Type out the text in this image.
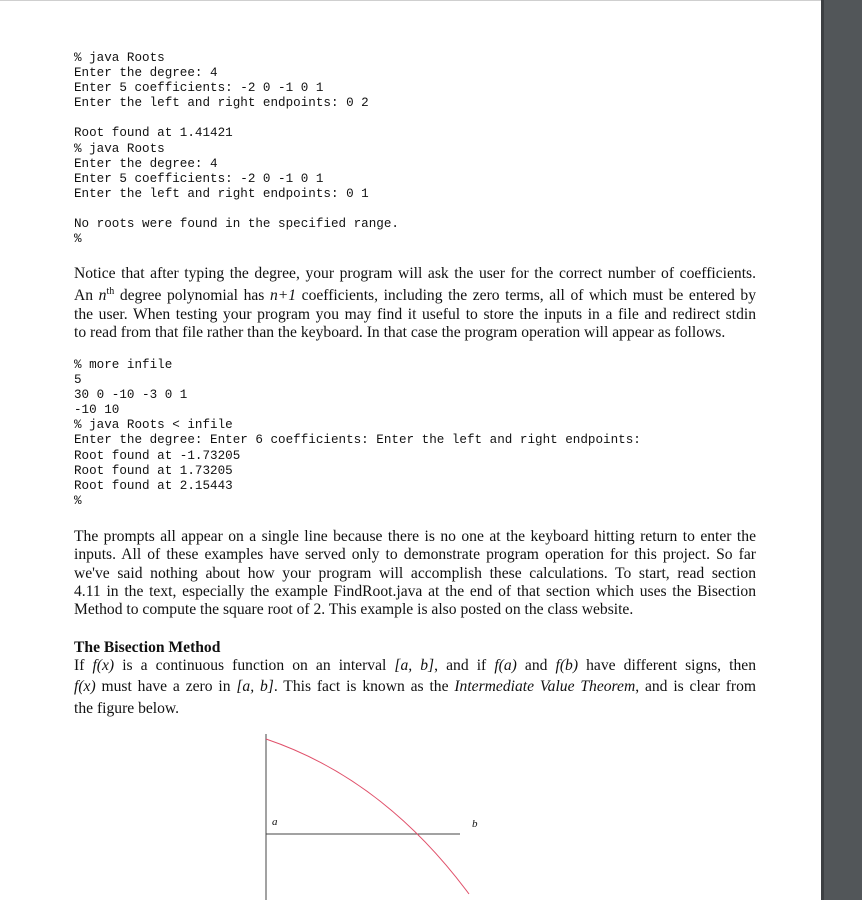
% java Roots
Enter the degree: 4
Enter 5 coefficients: -2 0 -1 0 1
Enter the left and right endpoints: 0 2
Root found at 1.41421
% java Roots
Enter the degree: 4
Enter 5 coefficients: -2 0 -1 0 1
Enter the left and right endpoints: 0 1
No roots were found in the specified range.
%
Notice that after typing the degree, your program will ask the user for the correct number of coefficients.
An $n^{th}$ degree polynomial has n+1 coefficients, including the zero terms, all of which must be entered by
the user. When testing your program you may find it useful to store the inputs in a file and redirect stdin
to read from that file rather than the keyboard. In that case the program operation will appear as follows.
% more infile
5
30 0 -10 -3 0 1
-10 10
% java Roots < infile
Enter the degree: Enter 6 coefficients: Enter the left and right endpoints:
Root found at -1.73205
Root found at 1.73205
Root found at 2.15443
%
The prompts all appear on a single line because there is no one at the keyboard hitting return to enter the
inputs. All of these examples have served only to demonstrate program operation for this project. So far
we've said nothing about how your program will accomplish these calculations. To start, read section
4.11 in the text, especially the example FindRoot.java at the end of that section which uses the Bisection
Method to compute the square root of 2. This example is also posted on the class website.
The Bisection Method
If f(x) is a continuous function on an interval [a, b], and if f(a) and f(b) have different signs, then
f(x) must have a zero in [a, b]. This fact is known as the Intermediate Value Theorem, and is clear from
the figure below.
a	b
